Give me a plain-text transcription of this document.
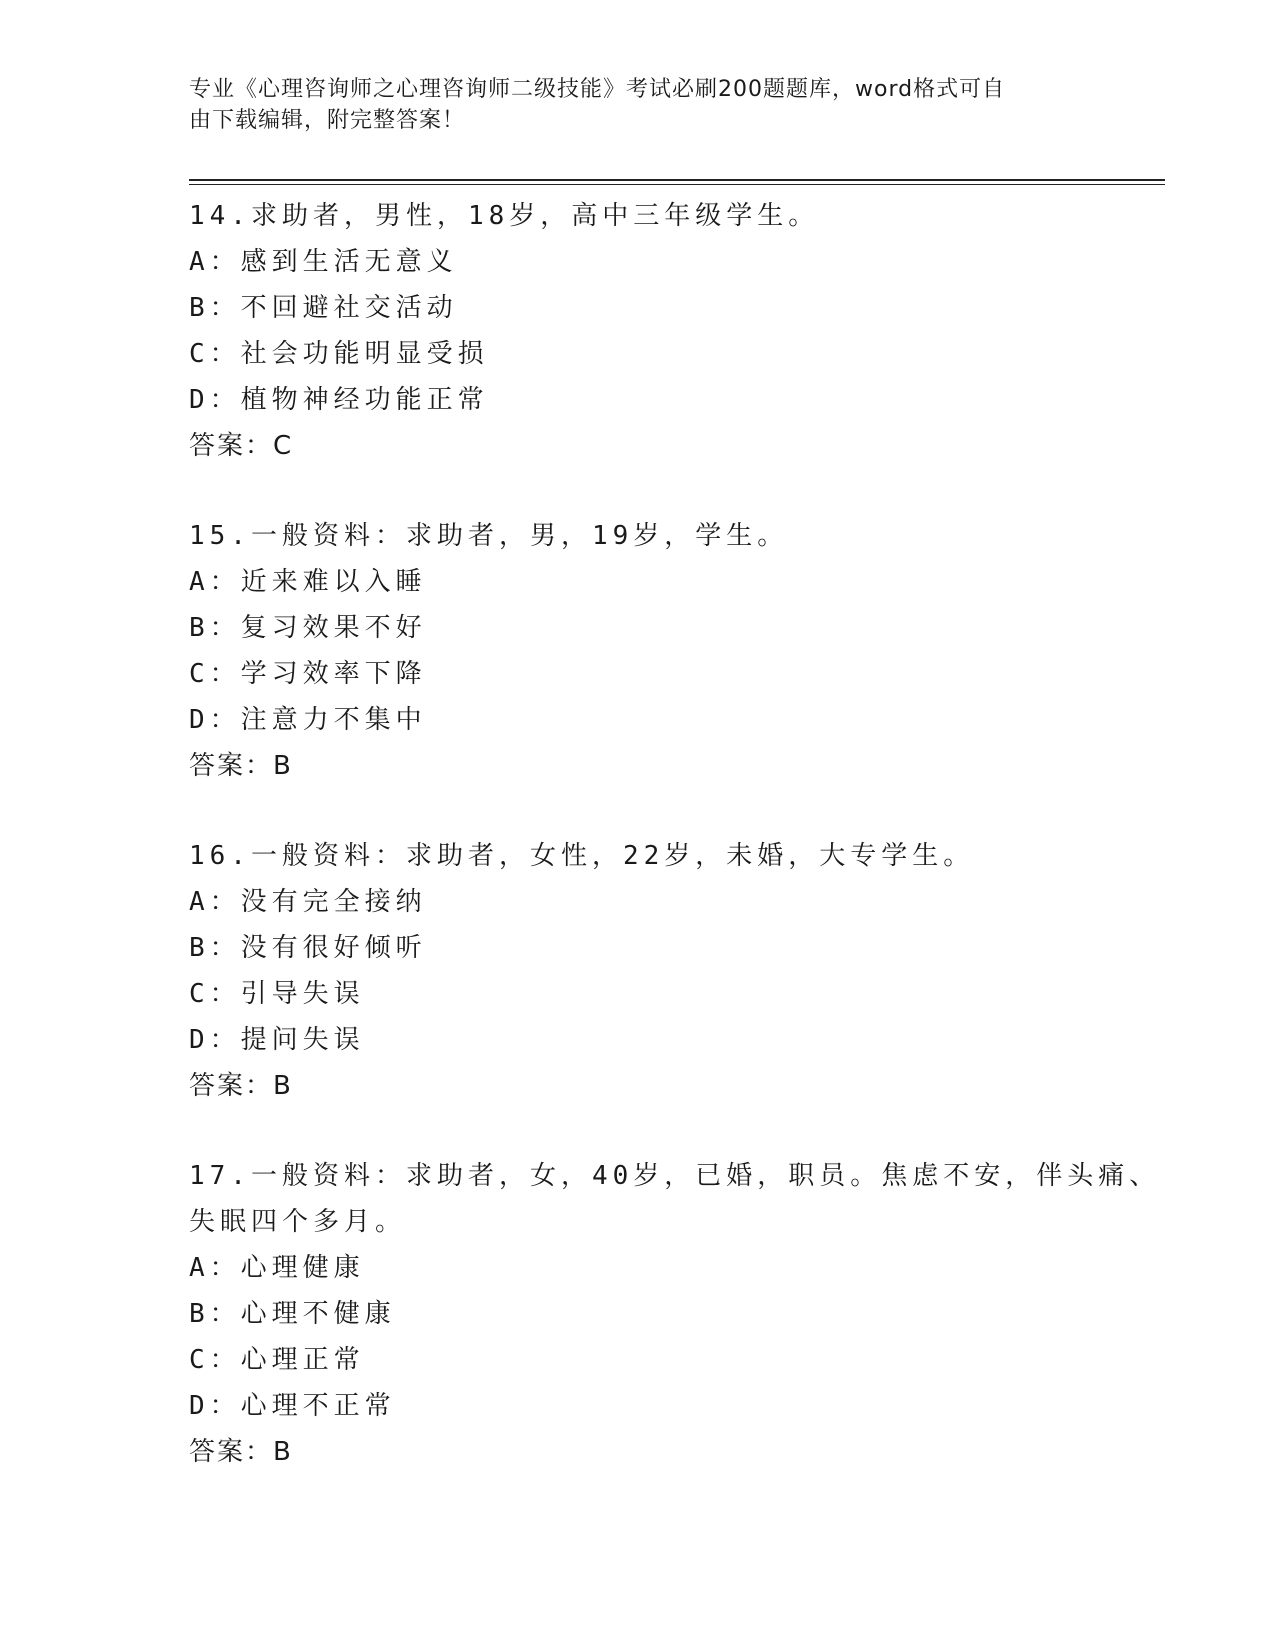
专业《心理咨询师之心理咨询师二级技能》考试必刷200题题库，word格式可自
由下载编辑，附完整答案！
14.求助者，男性，18岁，高中三年级学生。
A：感到生活无意义
B：不回避社交活动
C：社会功能明显受损
D：植物神经功能正常
答案：C
15.一般资料：求助者，男，19岁，学生。
A：近来难以入睡
B：复习效果不好
C：学习效率下降
D：注意力不集中
答案：B
16.一般资料：求助者，女性，22岁，未婚，大专学生。
A：没有完全接纳
B：没有很好倾听
C：引导失误
D：提问失误
答案：B
17.一般资料：求助者，女，40岁，已婚，职员。焦虑不安，伴头痛、
失眠四个多月。
A：心理健康
B：心理不健康
C：心理正常
D：心理不正常
答案：B
